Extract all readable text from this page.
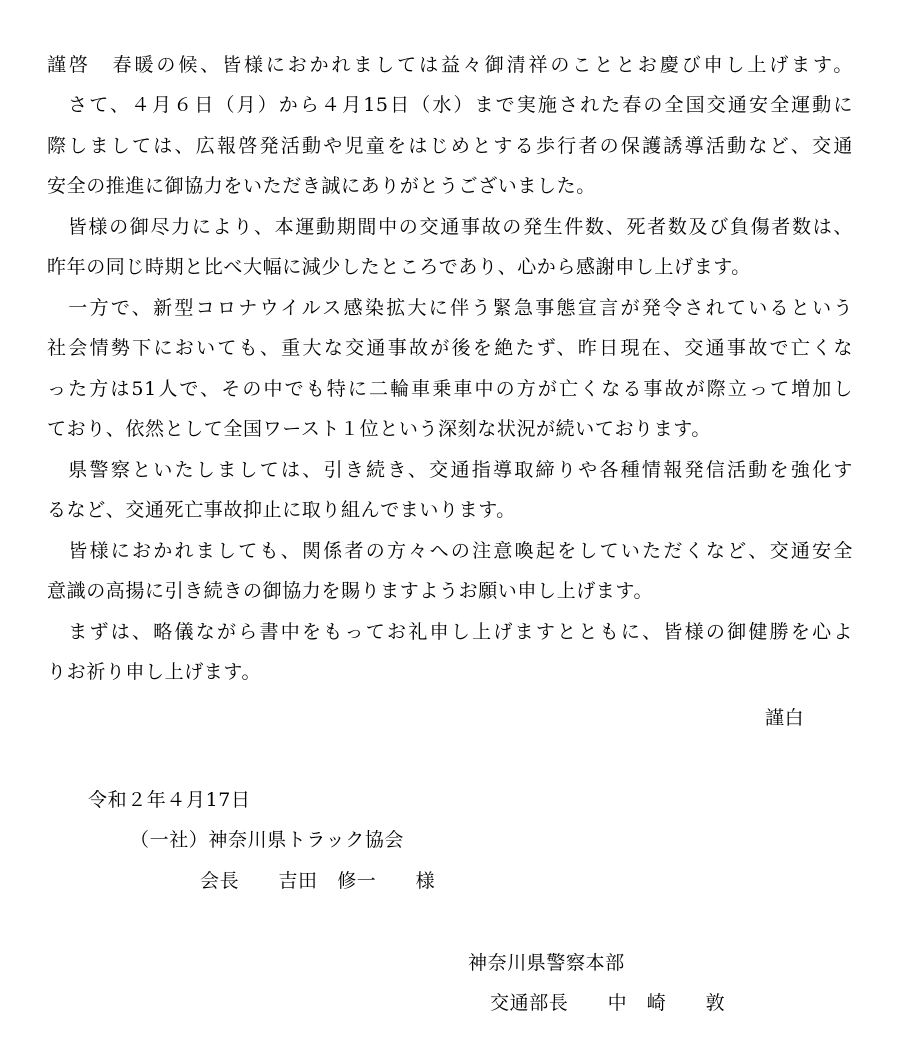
謹啓　春暖の候、皆様におかれましては益々御清祥のこととお慶び申し上げます。
　さて、４月６日（月）から４月15日（水）まで実施された春の全国交通安全運動に
際しましては、広報啓発活動や児童をはじめとする歩行者の保護誘導活動など、交通
安全の推進に御協力をいただき誠にありがとうございました。
　皆様の御尽力により、本運動期間中の交通事故の発生件数、死者数及び負傷者数は、
昨年の同じ時期と比べ大幅に減少したところであり、心から感謝申し上げます。
　一方で、新型コロナウイルス感染拡大に伴う緊急事態宣言が発令されているという
社会情勢下においても、重大な交通事故が後を絶たず、昨日現在、交通事故で亡くな
った方は51人で、その中でも特に二輪車乗車中の方が亡くなる事故が際立って増加し
ており、依然として全国ワースト１位という深刻な状況が続いております。
　県警察といたしましては、引き続き、交通指導取締りや各種情報発信活動を強化す
るなど、交通死亡事故抑止に取り組んでまいります。
　皆様におかれましても、関係者の方々への注意喚起をしていただくなど、交通安全
意識の高揚に引き続きの御協力を賜りますようお願い申し上げます。
　まずは、略儀ながら書中をもってお礼申し上げますとともに、皆様の御健勝を心よ
りお祈り申し上げます。
謹白
令和２年４月17日
（一社）神奈川県トラック協会
会長　　吉田　修一　　様
神奈川県警察本部
交通部長　　中　崎　　敦
